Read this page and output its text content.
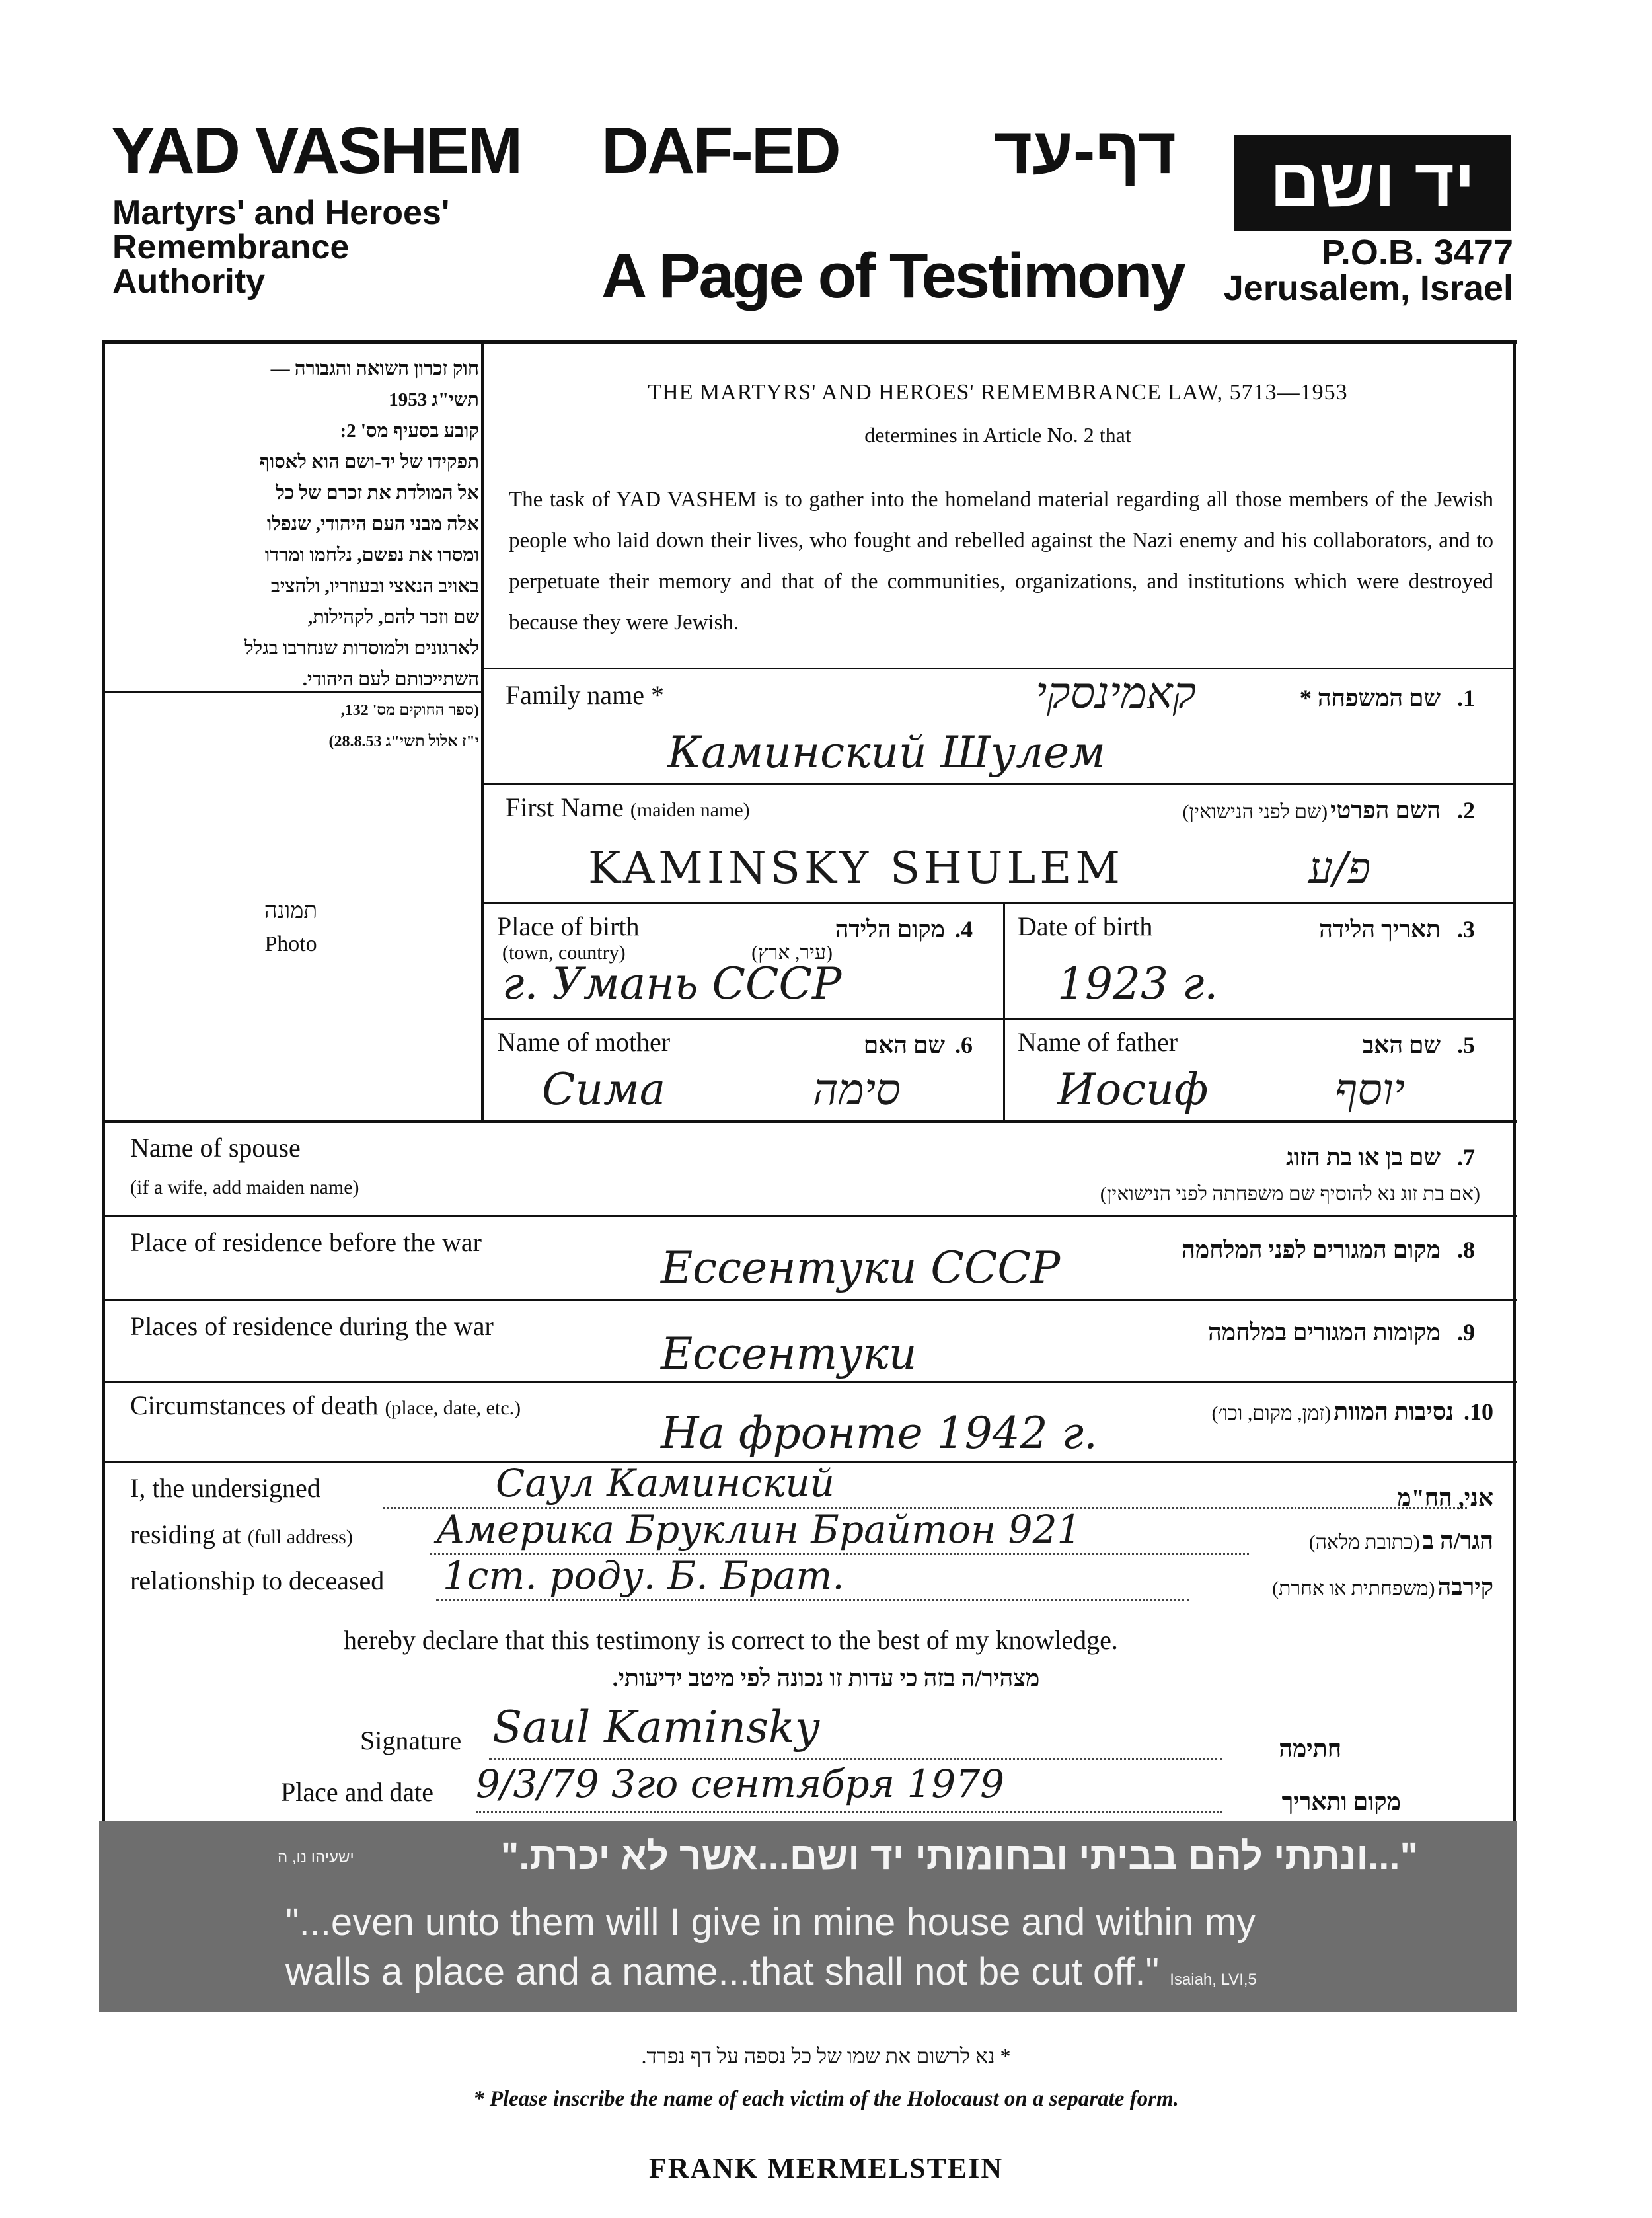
YAD VASHEM
Martyrs' and Heroes'
Remembrance
Authority
DAF-ED	דף-עד
A Page of Testimony
יד ושם
P.O.B. 3477
Jerusalem, Israel
חוק זכרון השואה והגבורה —
תשי"ג 1953
קובע בסעיף מס' 2:
תפקידו של יד-ושם הוא לאסוף
אל המולדת את זכרם של כל
אלה מבני העם היהודי, שנפלו
ומסרו את נפשם, נלחמו ומרדו
באויב הנאצי ובעוזריו, ולהציב
שם וזכר להם, לקהילות,
לארגונים ולמוסדות שנחרבו בגלל
השתייכותם לעם היהודי.
(ספר החוקים מס' 132,
י"ז אלול תשי"ג 28.8.53)
תמונה
Photo
THE MARTYRS' AND HEROES' REMEMBRANCE LAW, 5713—1953
determines in Article No. 2 that
The task of YAD VASHEM is to gather into the homeland material regarding all those members of the Jewish people who laid down their lives, who fought and rebelled against the Nazi enemy and his collaborators, and to perpetuate their memory and that of the communities, organizations, and institutions which were destroyed because they were Jewish.
Family name *	שם המשפחה * .1
קאמינסקי
Каминский Шулем
First Name (maiden name)	השם הפרטי (שם לפני הנישואין)	.2
KAMINSKY SHULEM	פ/ע
Place of birth
(town, country)
מקום הלידה
(עיר, ארץ)
.4
г. Умань СССР
Date of birth	תאריך הלידה .3
1923 г.
Name of mother	שם האם .6
Сима	סימה
Name of father	שם האב .5
Иосиф	יוסף
Name of spouse
(if a wife, add maiden name)
שם בן או בת הזוג
(אם בת זוג נא להוסיף שם משפחתה לפני הנישואין)
.7
Place of residence before the war	מקום המגורים לפני המלחמה .8
Ессентуки СССР
Places of residence during the war	מקומות המגורים במלחמה .9
Ессентуки
Circumstances of death (place, date, etc.)	נסיבות המוות (זמן, מקום, וכו׳)	.10
На фронте 1942 г.
I, the undersigned	Саул Каминский	אני, הח"מ
residing at (full address) Америка Бруклин Брайтон 921	הגר/ה ב (כתובת מלאה)
relationship to deceased 1ст. роду. Б. Брат.	קירבה (משפחתית או אחרת)
hereby declare that this testimony is correct to the best of my knowledge.
מצהיר/ה בזה כי עדות זו נכונה לפי מיטב ידיעותי.
Signature Saul Kaminsky	חתימה
Place and date 9/3/79 3го сентября 1979	מקום ותאריך
ישעיהו נו, ה	"...ונתתי להם בביתי ובחומותי יד ושם...אשר לא יכרת."
"...even unto them will I give in mine house and within my
walls a place and a name...that shall not be cut off." Isaiah, LVI,5
* נא לרשום את שמו של כל נספה על דף נפרד.
* Please inscribe the name of each victim of the Holocaust on a separate form.
FRANK MERMELSTEIN
